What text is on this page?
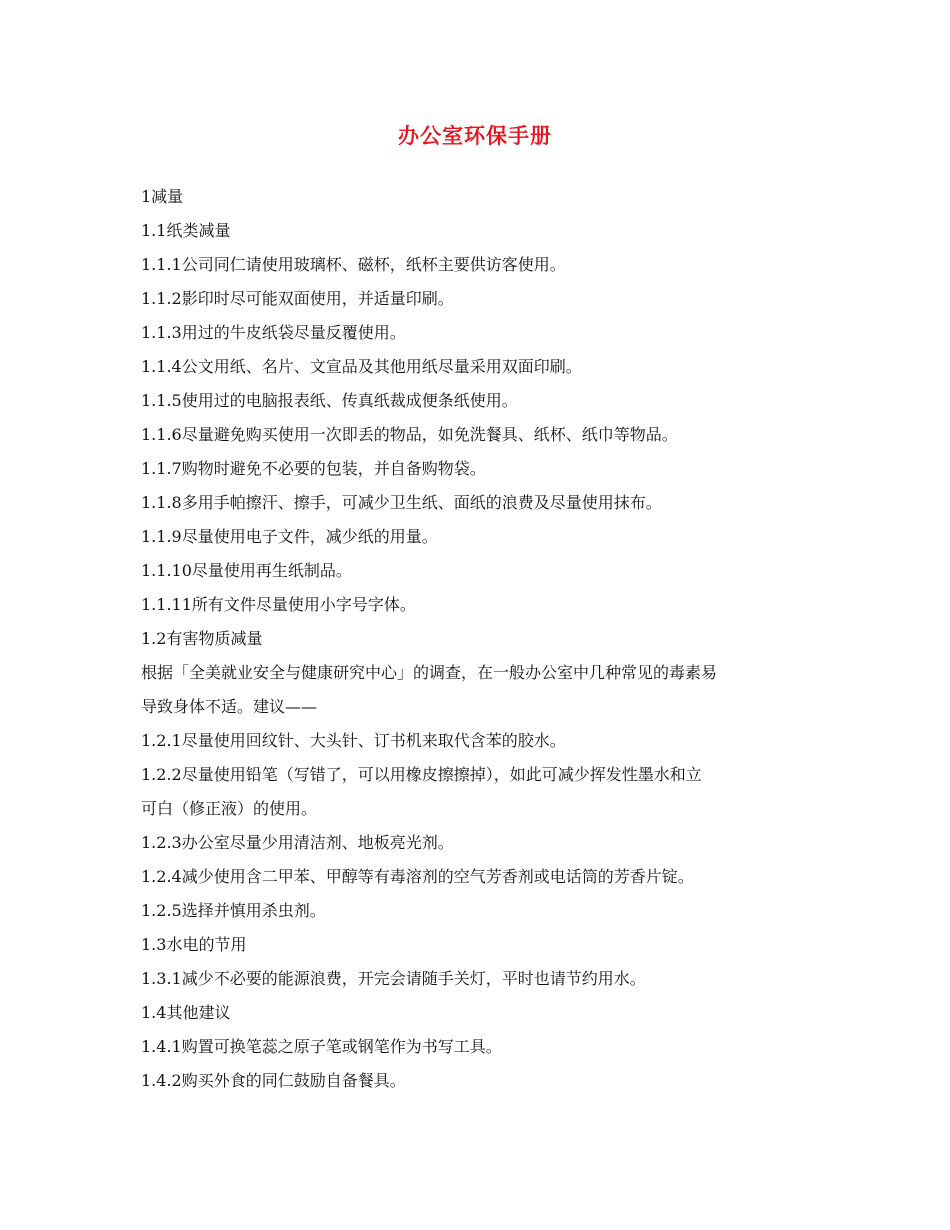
办公室环保手册
1减量
1.1纸类减量
1.1.1公司同仁请使用玻璃杯、磁杯，纸杯主要供访客使用。
1.1.2影印时尽可能双面使用，并适量印刷。
1.1.3用过的牛皮纸袋尽量反覆使用。
1.1.4公文用纸、名片、文宣品及其他用纸尽量采用双面印刷。
1.1.5使用过的电脑报表纸、传真纸裁成便条纸使用。
1.1.6尽量避免购买使用一次即丢的物品，如免洗餐具、纸杯、纸巾等物品。
1.1.7购物时避免不必要的包装，并自备购物袋。
1.1.8多用手帕擦汗、擦手，可减少卫生纸、面纸的浪费及尽量使用抹布。
1.1.9尽量使用电子文件，减少纸的用量。
1.1.10尽量使用再生纸制品。
1.1.11所有文件尽量使用小字号字体。
1.2有害物质减量
根据「全美就业安全与健康研究中心」的调查，在一般办公室中几种常见的毒素易
导致身体不适。建议——
1.2.1尽量使用回纹针、大头针、订书机来取代含苯的胶水。
1.2.2尽量使用铅笔（写错了，可以用橡皮擦擦掉），如此可减少挥发性墨水和立
可白（修正液）的使用。
1.2.3办公室尽量少用清洁剂、地板亮光剂。
1.2.4减少使用含二甲苯、甲醇等有毒溶剂的空气芳香剂或电话筒的芳香片锭。
1.2.5选择并慎用杀虫剂。
1.3水电的节用
1.3.1减少不必要的能源浪费，开完会请随手关灯，平时也请节约用水。
1.4其他建议
1.4.1购置可换笔蕊之原子笔或钢笔作为书写工具。
1.4.2购买外食的同仁鼓励自备餐具。
